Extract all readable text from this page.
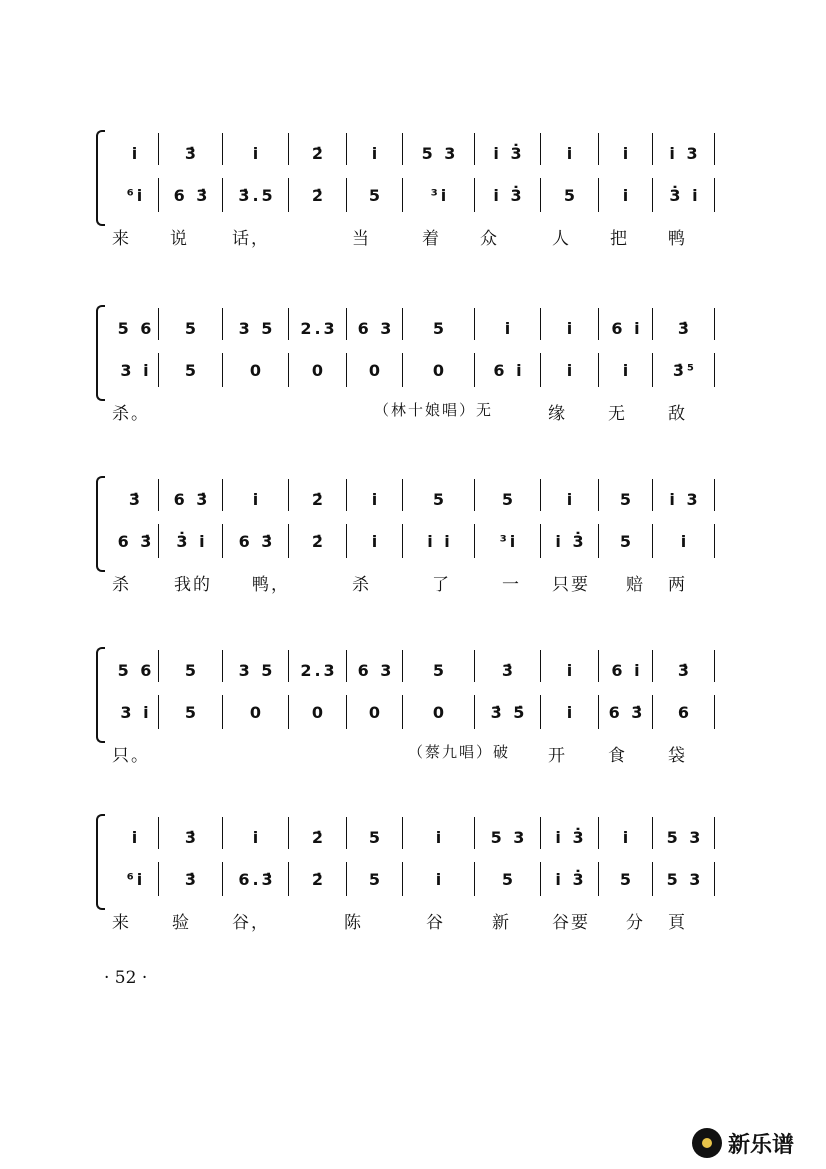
i	3̇	i	2̇	i	5 3	i 3̇	i	i	i 3
⁶i	6 3̇	3̇.5	2̇	5	³i	i 3̇	5	i	3̇ i
来 说	话，	当	着 众	人 把 鸭
5 6	5	3 5	2.3	6 3	5	i	i	6 i	3̇
3 i	5	0	0	0	0	6 i	i	i	3̇⁵
杀。	（林十娘唱）无	缘 无 敌
3̇	6 3̇	i	2̇	i	5	5	i	5	i 3
6 3̇	3̇ i	6 3̇	2̇	i	i i	³i	i 3̇	5	i
杀	我的 鸭，	杀	了	一 只要 赔 两
5 6	5	3 5	2.3	6 3	5	3̇	i	6 i	3̇
3 i	5	0	0	0	0	3̇ 5̇	i	6 3̇	6
只。	（蔡九唱）破 开 食 袋
i	3̇	i	2̇	5	i	5 3	i 3̇	i	5 3
⁶i	3̇	6.3̇	2̇	5	i	5	i 3̇	5	5 3
来 验 谷，	陈	谷	新 谷要 分 頁
· 52 ·
新乐谱
